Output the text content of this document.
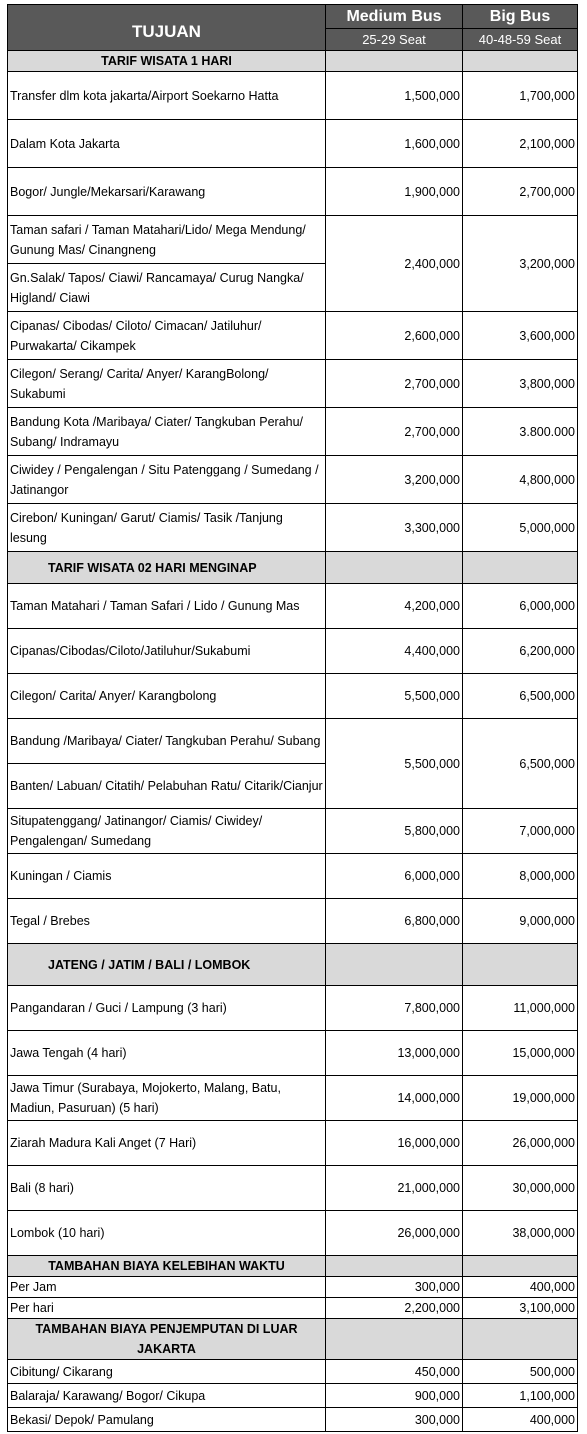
TUJUAN	Medium Bus	Big Bus
	25-29 Seat	40-48-59 Seat
TARIF WISATA 1 HARI		
Transfer dlm kota jakarta/Airport Soekarno Hatta	1,500,000	1,700,000
Dalam Kota Jakarta	1,600,000	2,100,000
Bogor/ Jungle/Mekarsari/Karawang	1,900,000	2,700,000
Taman safari / Taman Matahari/Lido/ Mega Mendung/ Gunung Mas/ Cinangneng	2,400,000	3,200,000
Gn.Salak/ Tapos/ Ciawi/ Rancamaya/ Curug Nangka/ Higland/ Ciawi		
Cipanas/ Cibodas/ Ciloto/ Cimacan/ Jatiluhur/ Purwakarta/ Cikampek	2,600,000	3,600,000
Cilegon/ Serang/ Carita/ Anyer/ KarangBolong/ Sukabumi	2,700,000	3,800,000
Bandung Kota /Maribaya/ Ciater/ Tangkuban Perahu/ Subang/ Indramayu	2,700,000	3.800.000
Ciwidey / Pengalengan / Situ Patenggang / Sumedang / Jatinangor	3,200,000	4,800,000
Cirebon/ Kuningan/ Garut/ Ciamis/ Tasik /Tanjung lesung	3,300,000	5,000,000
TARIF WISATA 02 HARI MENGINAP		
Taman Matahari / Taman Safari / Lido / Gunung Mas	4,200,000	6,000,000
Cipanas/Cibodas/Ciloto/Jatiluhur/Sukabumi	4,400,000	6,200,000
Cilegon/ Carita/ Anyer/ Karangbolong	5,500,000	6,500,000
Bandung /Maribaya/ Ciater/ Tangkuban Perahu/ Subang	5,500,000	6,500,000
Banten/ Labuan/ Citatih/ Pelabuhan Ratu/ Citarik/Cianjur		
Situpatenggang/ Jatinangor/ Ciamis/ Ciwidey/ Pengalengan/ Sumedang	5,800,000	7,000,000
Kuningan / Ciamis	6,000,000	8,000,000
Tegal / Brebes	6,800,000	9,000,000
JATENG / JATIM / BALI / LOMBOK		
Pangandaran / Guci / Lampung (3 hari)	7,800,000	11,000,000
Jawa Tengah (4 hari)	13,000,000	15,000,000
Jawa Timur (Surabaya, Mojokerto, Malang, Batu, Madiun, Pasuruan) (5 hari)	14,000,000	19,000,000
Ziarah Madura Kali Anget (7 Hari)	16,000,000	26,000,000
Bali (8 hari)	21,000,000	30,000,000
Lombok (10 hari)	26,000,000	38,000,000
TAMBAHAN BIAYA KELEBIHAN WAKTU		
Per Jam	300,000	400,000
Per hari	2,200,000	3,100,000
TAMBAHAN BIAYA PENJEMPUTAN DI LUAR JAKARTA		
Cibitung/ Cikarang	450,000	500,000
Balaraja/ Karawang/ Bogor/ Cikupa	900,000	1,100,000
Bekasi/ Depok/ Pamulang	300,000	400,000
